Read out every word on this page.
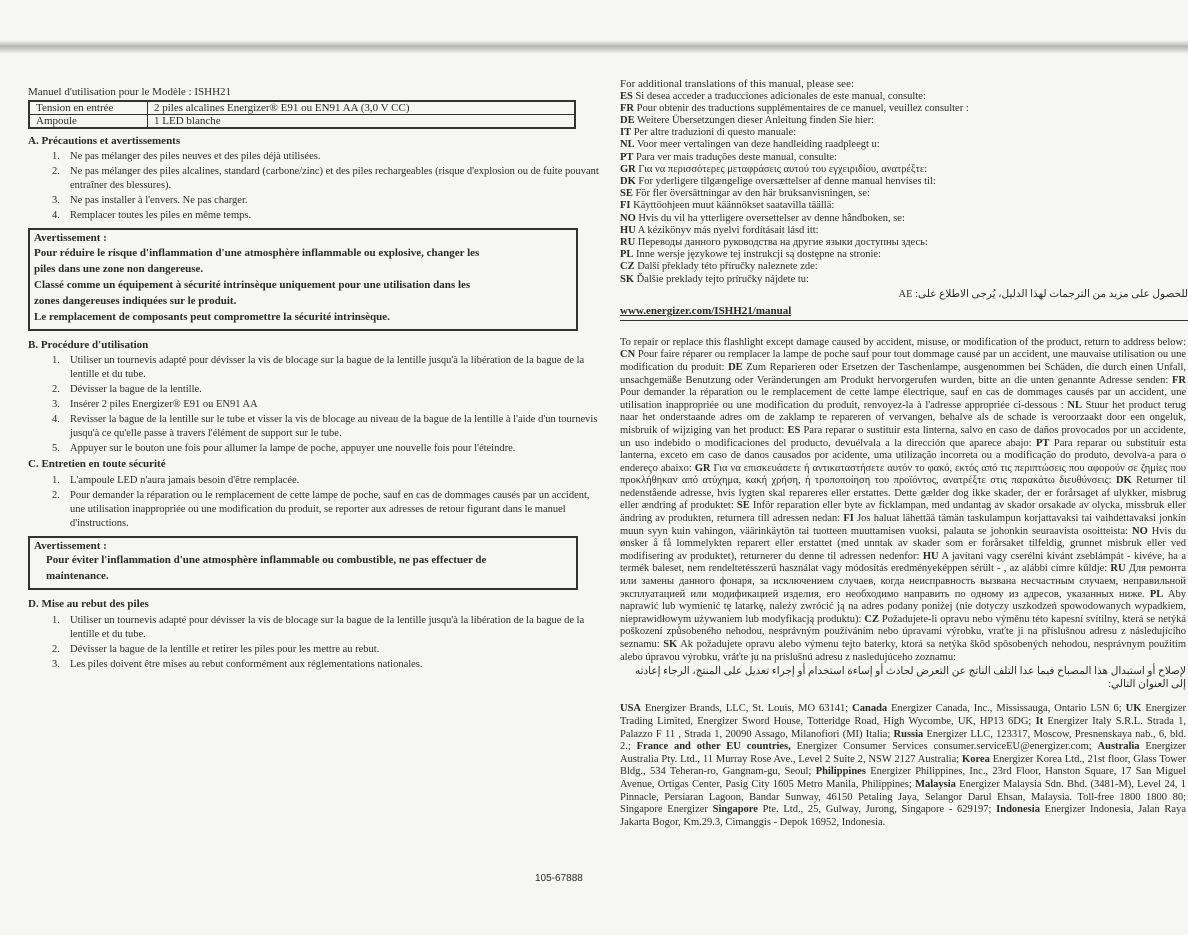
Manuel d'utilisation pour le Modèle : ISHH21
Tension en entrée	2 piles alcalines Energizer® E91 ou EN91 AA (3,0 V CC)
Ampoule	1 LED blanche
A. Précautions et avertissements
1. Ne pas mélanger des piles neuves et des piles déjà utilisées.
2. Ne pas mélanger des piles alcalines, standard (carbone/zinc) et des piles rechargeables (risque d'explosion ou de fuite pouvant entraîner des blessures).
3. Ne pas installer à l'envers. Ne pas charger.
4. Remplacer toutes les piles en même temps.
Avertissement :
Pour réduire le risque d'inflammation d'une atmosphère inflammable ou explosive, changer les
piles dans une zone non dangereuse.
Classé comme un équipement à sécurité intrinsèque uniquement pour une utilisation dans les
zones dangereuses indiquées sur le produit.
Le remplacement de composants peut compromettre la sécurité intrinsèque.
B. Procédure d'utilisation
1. Utiliser un tournevis adapté pour dévisser la vis de blocage sur la bague de la lentille jusqu'à la libération de la bague de la lentille et du tube.
2. Dévisser la bague de la lentille.
3. Insérer 2 piles Energizer® E91 ou EN91 AA
4. Revisser la bague de la lentille sur le tube et visser la vis de blocage au niveau de la bague de la lentille à l'aide d'un tournevis jusqu'à ce qu'elle passe à travers l'élément de support sur le tube.
5. Appuyer sur le bouton une fois pour allumer la lampe de poche, appuyer une nouvelle fois pour l'éteindre.
C. Entretien en toute sécurité
1. L'ampoule LED n'aura jamais besoin d'être remplacée.
2. Pour demander la réparation ou le remplacement de cette lampe de poche, sauf en cas de dommages causés par un accident, une utilisation inappropriée ou une modification du produit, se reporter aux adresses de retour figurant dans le manuel d'instructions.
Avertissement :
Pour éviter l'inflammation d'une atmosphère inflammable ou combustible, ne pas effectuer de
maintenance.
D. Mise au rebut des piles
1. Utiliser un tournevis adapté pour dévisser la vis de blocage sur la bague de la lentille jusqu'à la libération de la bague de la lentille et du tube.
2. Dévisser la bague de la lentille et retirer les piles pour les mettre au rebut.
3. Les piles doivent être mises au rebut conformément aux réglementations nationales.
105-67888
For additional translations of this manual, please see:
ES Si desea acceder a traducciones adicionales de este manual, consulte:
FR Pour obtenir des traductions supplémentaires de ce manuel, veuillez consulter :
DE Weitere Übersetzungen dieser Anleitung finden Sie hier:
IT Per altre traduzioni di questo manuale:
NL Voor meer vertalingen van deze handleiding raadpleegt u:
PT Para ver mais traduções deste manual, consulte:
GR Για να περισσότερες μεταφράσεις αυτού του εγχειριδίου, ανατρέξτε:
DK For yderligere tilgængelige oversættelser af denne manual henvises til:
SE För fler översättningar av den här bruksanvisningen, se:
FI Käyttöohjeen muut käännökset saatavilla täällä:
NO Hvis du vil ha ytterligere oversettelser av denne håndboken, se:
HU A kézikönyv más nyelvi fordításait lásd itt:
RU Переводы данного руководства на другие языки доступны здесь:
PL Inne wersje językowe tej instrukcji są dostępne na stronie:
CZ Další překlady této příručky naleznete zde:
SK Ďalšie preklady tejto príručky nájdete tu:
للحصول على مزيد من الترجمات لهذا الدليل، يُرجى الاطلاع على: AE
www.energizer.com/ISHH21/manual
To repair or replace this flashlight except damage caused by accident, misuse, or modification of the product, return to address below: CN Pour faire réparer ou remplacer la lampe de poche sauf pour tout dommage causé par un accident, une mauvaise utilisation ou une modification du produit: DE Zum Reparieren oder Ersetzen der Taschenlampe, ausgenommen bei Schäden, die durch einen Unfall, unsachgemäße Benutzung oder Veränderungen am Produkt hervorgerufen wurden, bitte an die unten genannte Adresse senden: FR Pour demander la réparation ou le remplacement de cette lampe électrique, sauf en cas de dommages causés par un accident, une utilisation inappropriée ou une modification du produit, renvoyez-la à l'adresse appropriée ci-dessous : NL Stuur het product terug naar het onderstaande adres om de zaklamp te repareren of vervangen, behalve als de schade is veroorzaakt door een ongeluk, misbruik of wijziging van het product: ES Para reparar o sustituir esta linterna, salvo en caso de daños provocados por un accidente, un uso indebido o modificaciones del producto, devuélvala a la dirección que aparece abajo: PT Para reparar ou substituir esta lanterna, exceto em caso de danos causados por acidente, uma utilização incorreta ou a modificação do produto, devolva-a para o endereço abaixo: GR Για να επισκευάσετε ή αντικαταστήσετε αυτόν το φακό, εκτός από τις περιπτώσεις που αφορούν σε ζημίες που προκλήθηκαν από ατύχημα, κακή χρήση, ή τροποποίηση του προϊόντος, ανατρέξτε στις παρακάτω διευθύνσεις: DK Returner til nedenstående adresse, hvis lygten skal repareres eller erstattes. Dette gælder dog ikke skader, der er forårsaget af ulykker, misbrug eller ændring af produktet: SE Inför reparation eller byte av ficklampan, med undantag av skador orsakade av olycka, missbruk eller ändring av produkten, returnera till adressen nedan: FI Jos haluat lähettää tämän taskulampun korjattavaksi tai vaihdettavaksi jonkin muun syyn kuin vahingon, väärinkäytön tai tuotteen muuttamisen vuoksi, palauta se johonkin seuraavista osoitteista: NO Hvis du ønsker å få lommelykten reparert eller erstattet (med unntak av skader som er forårsaket tilfeldig, grunnet misbruk eller ved modifisering av produktet), returnerer du denne til adressen nedenfor: HU A javítani vagy cserélni kívánt zseblámpát - kivéve, ha a termék baleset, nem rendeltetésszerű használat vagy módosítás eredményeképpen sérült - , az alábbi címre küldje: RU Для ремонта или замены данного фонаря, за исключением случаев, когда неисправность вызвана несчастным случаем, неправильной эксплуатацией или модификацией изделия, его необходимо направить по одному из адресов, указанных ниже. PL Aby naprawić lub wymienić tę latarkę, należy zwrócić ją na adres podany poniżej (nie dotyczy uszkodzeń spowodowanych wypadkiem, nieprawidłowym używaniem lub modyfikacją produktu): CZ Požadujete-li opravu nebo výměnu této kapesní svítilny, která se netýká poškození způsobeného nehodou, nesprávným používáním nebo úpravami výrobku, vraťte ji na příslušnou adresu z následujícího seznamu: SK Ak požadujete opravu alebo výmenu tejto baterky, ktorá sa netýka škôd spôsobených nehodou, nesprávnym použitím alebo úpravou výrobku, vráťte ju na príslušnú adresu z nasledujúceho zoznamu:
لإصلاح أو استبدال هذا المصباح فيما عدا التلف الناتج عن التعرض لحادث أو إساءة استخدام أو إجراء تعديل على المنتج، الرجاء إعادته إلى العنوان التالي:
USA Energizer Brands, LLC, St. Louis, MO 63141; Canada Energizer Canada, Inc., Mississauga, Ontario L5N 6; UK Energizer Trading Limited, Energizer Sword House, Totteridge Road, High Wycombe, UK, HP13 6DG; It Energizer Italy S.R.L. Strada 1, Palazzo F 11 , Strada 1, 20090 Assago, Milanofiori (MI) Italia; Russia Energizer LLC, 123317, Moscow, Presnenskaya nab., 6, bld. 2.; France and other EU countries, Energizer Consumer Services consumer.serviceEU@energizer.com; Australia Energizer Australia Pty. Ltd., 11 Murray Rose Ave., Level 2 Suite 2, NSW 2127 Australia; Korea Energizer Korea Ltd., 21st floor, Glass Tower Bldg., 534 Teheran-ro, Gangnam-gu, Seoul; Philippines Energizer Philippines, Inc., 23rd Floor, Hanston Square, 17 San Miguel Avenue, Ortigas Center, Pasig City 1605 Metro Manila, Philippines; Malaysia Energizer Malaysia Sdn. Bhd. (3481-M), Level 24, 1 Pinnacle, Persiaran Lagoon, Bandar Sunway, 46150 Petaling Jaya, Selangor Darul Ehsan, Malaysia. Toll-free 1800 1800 80; Singapore Energizer Singapore Pte. Ltd., 25, Gulway, Jurong, Singapore - 629197; Indonesia Energizer Indonesia, Jalan Raya Jakarta Bogor, Km.29.3, Cimanggis - Depok 16952, Indonesia.
